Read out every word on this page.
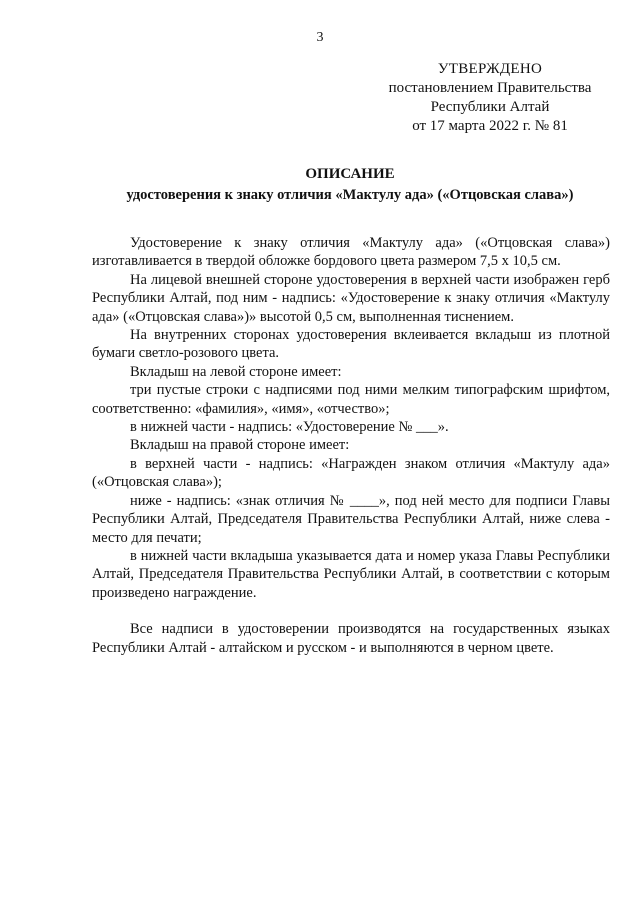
3
УТВЕРЖДЕНО
постановлением Правительства
Республики Алтай
от 17 марта 2022 г. № 81
ОПИСАНИЕ
удостоверения к знаку отличия «Мактулу ада» («Отцовская слава»)

Удостоверение к знаку отличия «Мактулу ада» («Отцовская слава») изготавливается в твердой обложке бордового цвета размером 7,5 х 10,5 см.

На лицевой внешней стороне удостоверения в верхней части изображен герб Республики Алтай, под ним - надпись: «Удостоверение к знаку отличия «Мактулу ада» («Отцовская слава»)» высотой 0,5 см, выполненная тиснением.

На внутренних сторонах удостоверения вклеивается вкладыш из плотной бумаги светло-розового цвета.

Вкладыш на левой стороне имеет:

три пустые строки с надписями под ними мелким типографским шрифтом, соответственно: «фамилия», «имя», «отчество»;

в нижней части - надпись: «Удостоверение № ___».

Вкладыш на правой стороне имеет:

в верхней части - надпись: «Награжден знаком отличия «Мактулу ада» («Отцовская слава»);

ниже - надпись: «знак отличия № ____», под ней место для подписи Главы Республики Алтай, Председателя Правительства Республики Алтай, ниже слева - место для печати;

в нижней части вкладыша указывается дата и номер указа Главы Республики Алтай, Председателя Правительства Республики Алтай, в соответствии с которым произведено награждение.

Все надписи в удостоверении производятся на государственных языках Республики Алтай - алтайском и русском - и выполняются в черном цвете.
